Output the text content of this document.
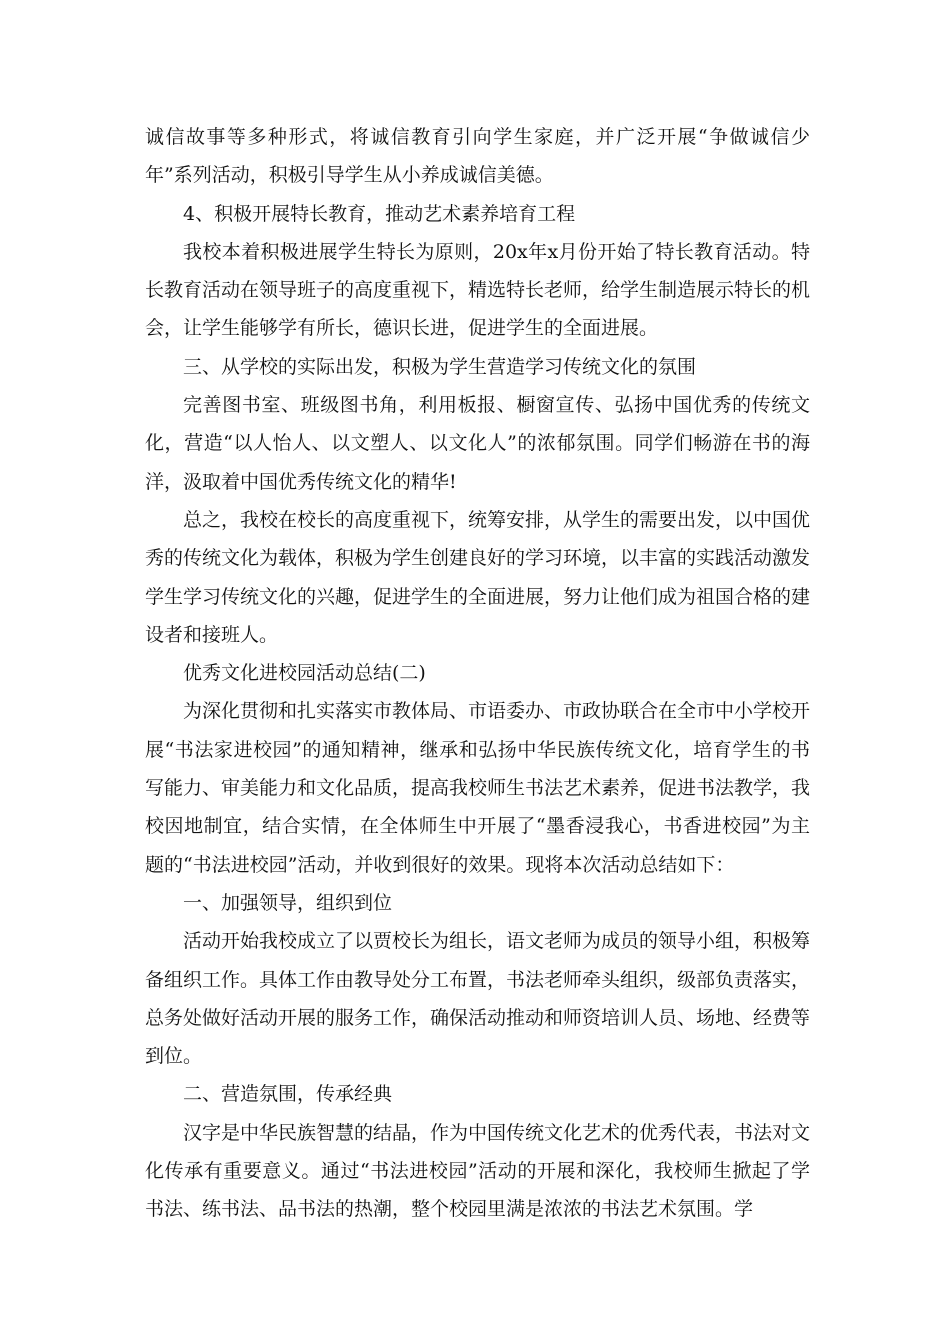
诚信故事等多种形式，将诚信教育引向学生家庭，并广泛开展“争做诚信少年”系列活动，积极引导学生从小养成诚信美德。

4、积极开展特长教育，推动艺术素养培育工程

我校本着积极进展学生特长为原则，20x年x月份开始了特长教育活动。特长教育活动在领导班子的高度重视下，精选特长老师，给学生制造展示特长的机会，让学生能够学有所长，德识长进，促进学生的全面进展。

三、从学校的实际出发，积极为学生营造学习传统文化的氛围

完善图书室、班级图书角，利用板报、橱窗宣传、弘扬中国优秀的传统文化，营造“以人怡人、以文塑人、以文化人”的浓郁氛围。同学们畅游在书的海洋，汲取着中国优秀传统文化的精华!

总之，我校在校长的高度重视下，统筹安排，从学生的需要出发，以中国优秀的传统文化为载体，积极为学生创建良好的学习环境，以丰富的实践活动激发学生学习传统文化的兴趣，促进学生的全面进展，努力让他们成为祖国合格的建设者和接班人。

优秀文化进校园活动总结(二)

为深化贯彻和扎实落实市教体局、市语委办、市政协联合在全市中小学校开展“书法家进校园”的通知精神，继承和弘扬中华民族传统文化，培育学生的书写能力、审美能力和文化品质，提高我校师生书法艺术素养，促进书法教学，我校因地制宜，结合实情，在全体师生中开展了“墨香浸我心，书香进校园”为主题的“书法进校园”活动，并收到很好的效果。现将本次活动总结如下：

一、加强领导，组织到位

活动开始我校成立了以贾校长为组长，语文老师为成员的领导小组，积极筹备组织工作。具体工作由教导处分工布置，书法老师牵头组织，级部负责落实，总务处做好活动开展的服务工作，确保活动推动和师资培训人员、场地、经费等到位。

二、营造氛围，传承经典

汉字是中华民族智慧的结晶，作为中国传统文化艺术的优秀代表，书法对文化传承有重要意义。通过“书法进校园”活动的开展和深化，我校师生掀起了学书法、练书法、品书法的热潮，整个校园里满是浓浓的书法艺术氛围。学
